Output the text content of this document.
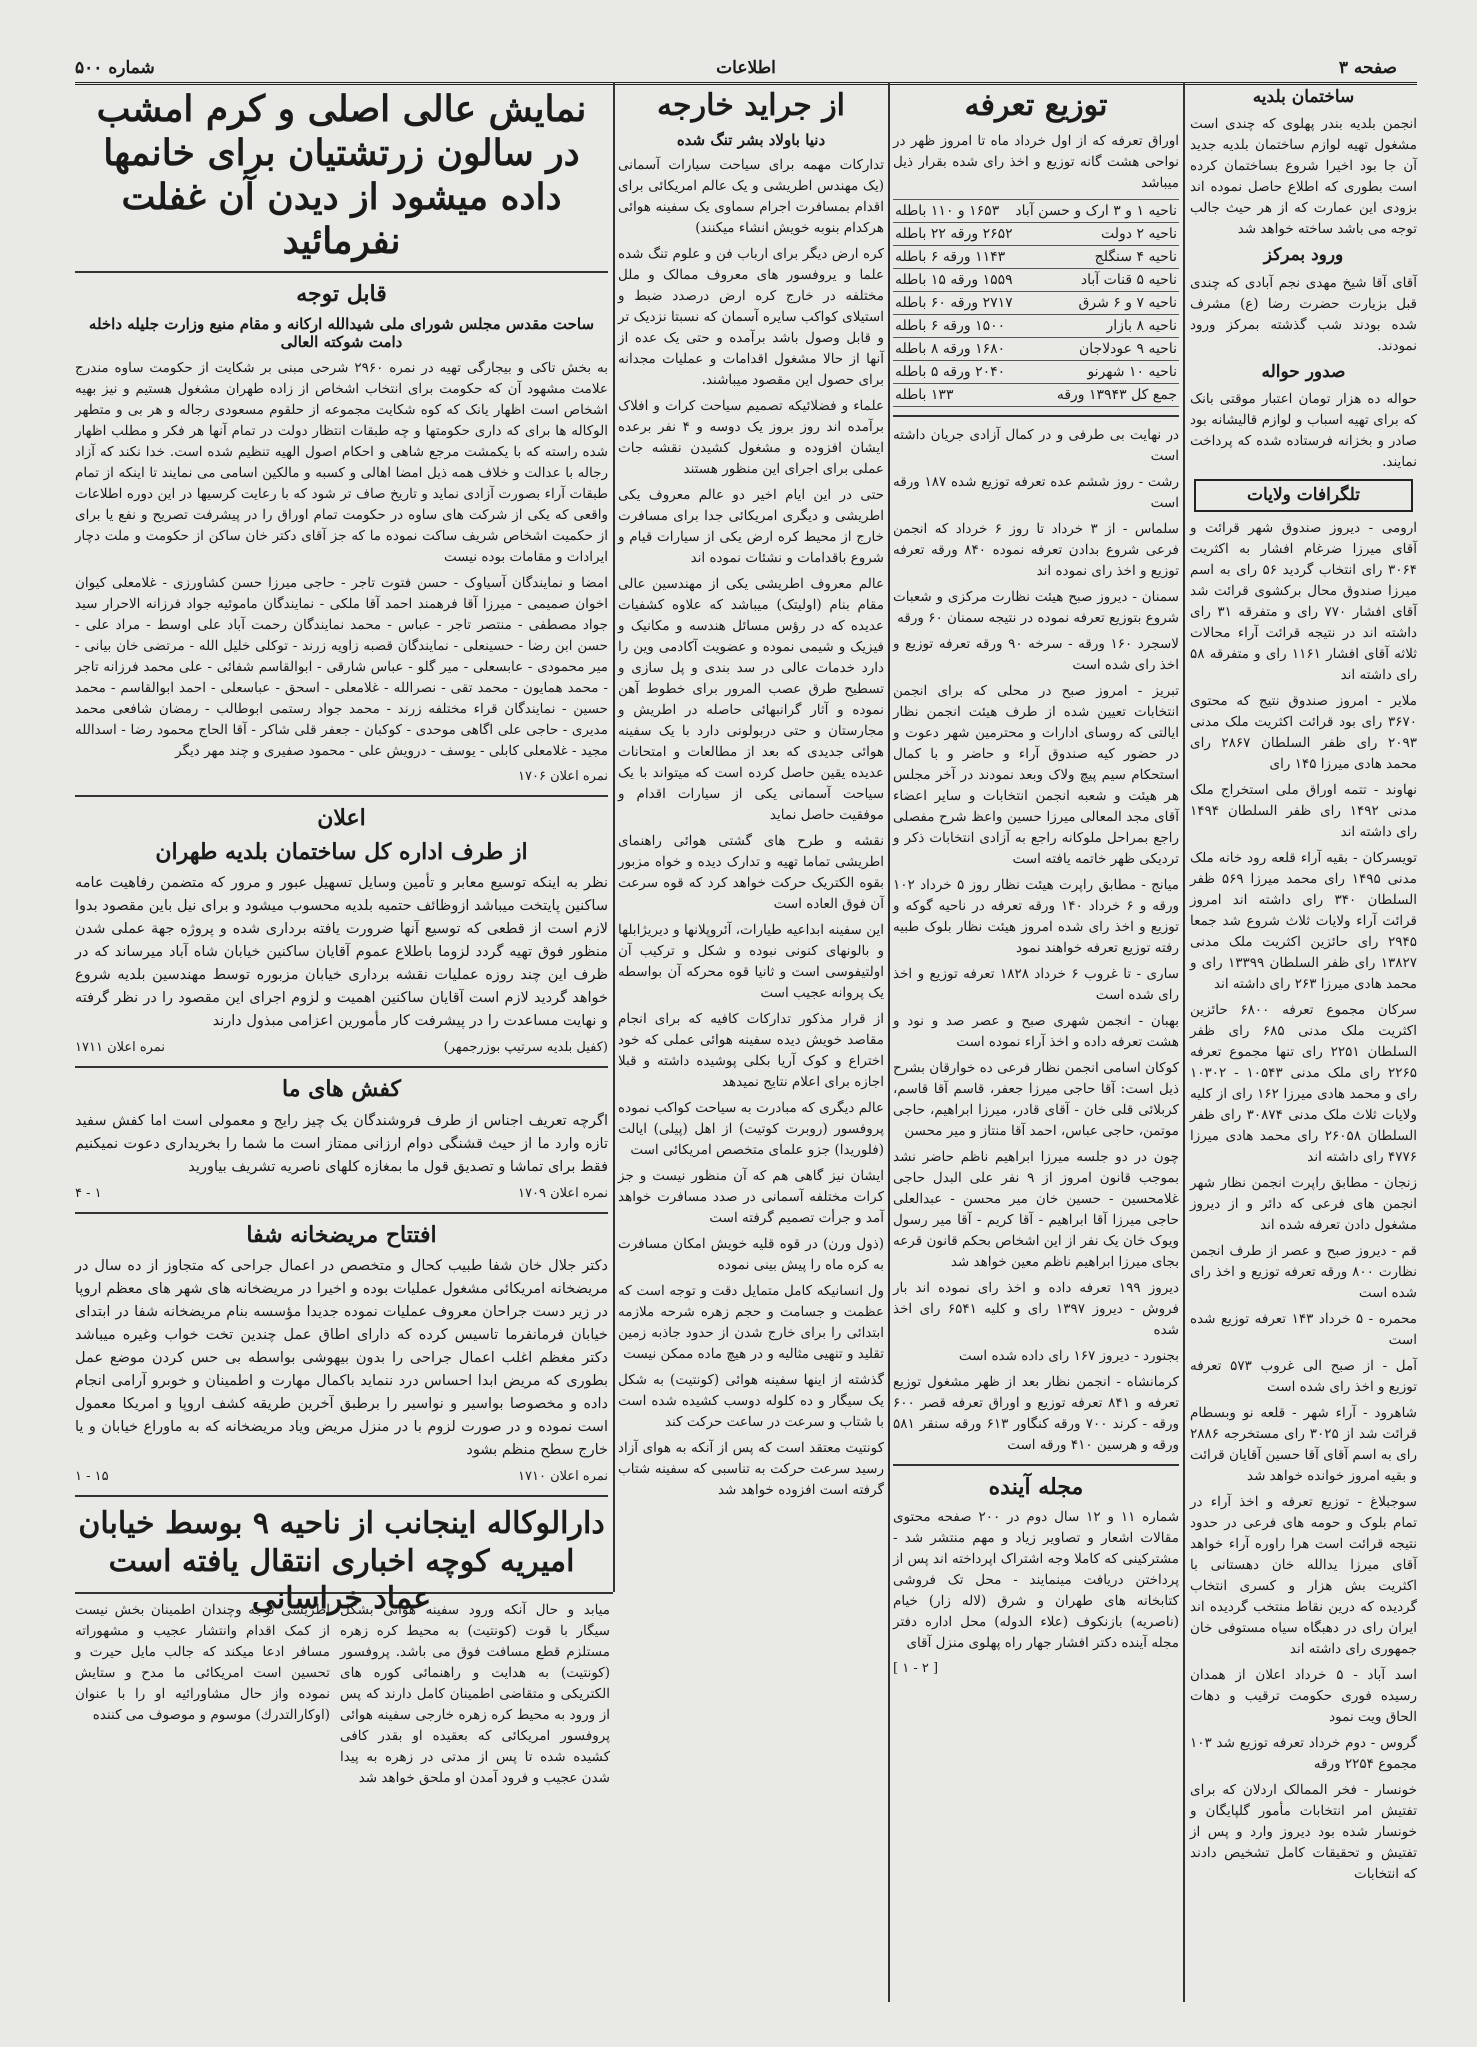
صفحه ۳
اطلاعات
شماره ۵۰۰
ساختمان بلدیه

انجمن بلدیه بندر پهلوی که چندی است مشغول تهیه لوازم ساختمان بلدیه جدید آن جا بود اخیرا شروع بساختمان کرده است بطوری که اطلاع حاصل نموده اند بزودی این عمارت که از هر حیث جالب توجه می باشد ساخته خواهد شد

ورود بمرکز

آقای آقا شیخ مهدی نجم آبادی که چندی قبل بزیارت حضرت رضا (ع) مشرف شده بودند شب گذشته بمرکز ورود نمودند.

صدور حواله

حواله ده هزار تومان اعتبار موقتی بانک که برای تهیه اسباب و لوازم قالیشانه بود صادر و بخزانه فرستاده شده که پرداخت نمایند.

تلگرافات ولایات

ارومی - دیروز صندوق شهر قرائت و آقای میرزا ضرغام افشار به اکثریت ۳۰۶۴ رای انتخاب گردید ۵۶ رای به اسم میرزا صندوق محال برکشوی قرائت شد آقای افشار ۷۷۰ رای و متفرقه ۳۱ رای داشته اند در نتیجه قرائت آراء محالات ثلاثه آقای افشار ۱۱۶۱ رای و متفرقه ۵۸ رای داشته اند

ملایر - امروز صندوق نتیج که محتوی ۳۶۷۰ رای بود قرائت اکثریت ملک مدنی ۲۰۹۳ رای ظفر السلطان ۲۸۶۷ رای محمد هادی میرزا ۱۴۵ رای

نهاوند - تتمه اوراق ملی استخراج ملک مدنی ۱۴۹۲ رای ظفر السلطان ۱۴۹۴ رای داشته اند

تویسرکان - بقیه آراء قلعه رود خانه ملک مدنی ۱۴۹۵ رای محمد میرزا ۵۶۹ ظفر السلطان ۳۴۰ رای داشته اند امروز قرائت آراء ولایات ثلاث شروع شد جمعا ۲۹۴۵ رای حائزین اکثریت ملک مدنی ۱۳۸۲۷ رای ظفر السلطان ۱۳۳۹۹ رای و محمد هادی میرزا ۲۶۳ رای داشته اند

سرکان مجموع تعرفه ۶۸۰۰ حائزین اکثریت ملک مدنی ۶۸۵ رای ظفر السلطان ۲۲۵۱ رای تنها مجموع تعرفه ۲۲۶۵ رای ملک مدنی ۱۰۵۴۳ - ۱۰۳۰۲ رای و محمد هادی میرزا ۱۶۲ رای از کلیه ولایات ثلاث ملک مدنی ۳۰۸۷۴ رای ظفر السلطان ۲۶۰۵۸ رای محمد هادی میرزا ۴۷۷۶ رای داشته اند

زنجان - مطابق راپرت انجمن نظار شهر انجمن های فرعی که دائر و از دیروز مشغول دادن تعرفه شده اند

قم - دیروز صبح و عصر از طرف انجمن نظارت ۸۰۰ ورقه تعرفه توزیع و اخذ رای شده است

محمره - ۵ خرداد ۱۴۳ تعرفه توزیع شده است

آمل - از صبح الی غروب ۵۷۳ تعرفه توزیع و اخذ رای شده است

شاهرود - آراء شهر - قلعه نو وبسطام قرائت شد از ۳۰۲۵ رای مستخرجه ۲۸۸۶ رای به اسم آقای آقا حسین آقایان قرائت و بقیه امروز خوانده خواهد شد

سوجبلاغ - توزیع تعرفه و اخذ آراء در تمام بلوک و حومه های فرعی در حدود نتیجه قرائت است هرا راوره آراء خواهد آقای میرزا یدالله خان دهستانی با اکثریت بش هزار و کسری انتخاب گردیده که درین نقاط منتخب گردیده اند ایران رای در دهبگاه سیاه مستوفی خان جمهوری رای داشته اند

اسد آباد - ۵ خرداد اعلان از همدان رسیده فوری حکومت ترقیب و دهات الحاق ویت نمود

گروس - دوم خرداد تعرفه توزیع شد ۱۰۳ مجموع ۲۲۵۴ ورقه

خونسار - فخر الممالک اردلان که برای تفتیش امر انتخابات مأمور گلپایگان و خونسار شده بود دیروز وارد و پس از تفتیش و تحقیقات کامل تشخیص دادند که انتخابات

توزیع تعرفه

اوراق تعرفه که از اول خرداد ماه تا امروز ظهر در نواحی هشت گانه توزیع و اخذ رای شده بقرار ذیل میباشد

ناحیه ۱ و ۳ ارک و حسن آباد
۱۶۵۳ و ۱۱۰ باطله
ناحیه ۲ دولت
۲۶۵۲ ورقه ۲۲ باطله
ناحیه ۴ سنگلج
۱۱۴۳ ورقه ۶ باطله
ناحیه ۵ قنات آباد
۱۵۵۹ ورقه ۱۵ باطله
ناحیه ۷ و ۶ شرق
۲۷۱۷ ورقه ۶۰ باطله
ناحیه ۸ بازار
۱۵۰۰ ورقه ۶ باطله
ناحیه ۹ عودلاجان
۱۶۸۰ ورقه ۸ باطله
ناحیه ۱۰ شهرنو
۲۰۴۰ ورقه ۵ باطله
جمع کل ۱۳۹۴۳ ورقه
۱۳۳ باطله

در نهایت بی طرفی و در کمال آزادی جریان داشته است

رشت - روز ششم عده تعرفه توزیع شده ۱۸۷ ورقه است

سلماس - از ۳ خرداد تا روز ۶ خرداد که انجمن فرعی شروع بدادن تعرفه نموده ۸۴۰ ورقه تعرفه توزیع و اخذ رای نموده اند

سمنان - دیروز صبح هیئت نظارت مرکزی و شعبات شروع بتوزیع تعرفه نموده در نتیجه سمنان ۶۰ ورقه

لاسجرد ۱۶۰ ورقه - سرخه ۹۰ ورقه تعرفه توزیع و اخذ رای شده است

تبریز - امروز صبح در محلی که برای انجمن انتخابات تعیین شده از طرف هیئت انجمن نظار ایالتی که روسای ادارات و محترمین شهر دعوت و در حضور کیه صندوق آراء و حاضر و با کمال استحکام سیم پیچ ولاک وبعد نمودند در آخر مجلس هر هیئت و شعبه انجمن انتخابات و سایر اعضاء آقای مجد المعالی میرزا حسین واعظ شرح مفصلی راجع بمراحل ملوکانه راجع به آزادی انتخابات ذکر و تردیکی ظهر خاتمه یافته است

میانج - مطابق راپرت هیئت نظار روز ۵ خرداد ۱۰۲ ورقه و ۶ خرداد ۱۴۰ ورقه تعرفه در ناحیه گوکه و توزیع و اخذ رای شده امروز هیئت نظار بلوک طبیه رفته توزیع تعرفه خواهند نمود

ساری - تا غروب ۶ خرداد ۱۸۲۸ تعرفه توزیع و اخذ رای شده است

بهبان - انجمن شهری صبح و عصر صد و نود و هشت تعرفه داده و اخذ آراء نموده است

کوکان اسامی انجمن نظار فرعی ده خوارقان بشرح ذیل است: آقا حاجی میرزا جعفر، قاسم آقا قاسم، کربلائی قلی خان - آقای قادر، میرزا ابراهیم، حاجی موتمن، حاجی عباس، احمد آقا منتاز و میر محسن

چون در دو جلسه میرزا ابراهیم ناظم حاضر نشد بموجب قانون امروز از ۹ نفر علی البدل حاجی غلامحسین - حسین خان میر محسن - عبدالعلی حاجی میرزا آقا ابراهیم - آقا کریم - آقا میر رسول ویوک خان یک نفر از این اشخاص بحکم قانون قرعه بجای میرزا ابراهیم ناظم معین خواهد شد

دیروز ۱۹۹ تعرفه داده و اخذ رای نموده اند بار فروش - دیروز ۱۳۹۷ رای و کلیه ۶۵۴۱ رای اخذ شده

بجنورد - دیروز ۱۶۷ رای داده شده است

کرمانشاه - انجمن نظار بعد از ظهر مشغول توزیع تعرفه و ۸۴۱ تعرفه توزیع و اوراق تعرفه قصر ۶۰۰ ورقه - کرند ۷۰۰ ورقه کنگاور ۶۱۳ ورقه سنقر ۵۸۱ ورقه و هرسین ۴۱۰ ورقه است

مجله آینده

شماره ۱۱ و ۱۲ سال دوم در ۲۰۰ صفحه محتوی مقالات اشعار و تصاویر زیاد و مهم منتشر شد - مشترکینی که کاملا وجه اشتراک اپرداخته اند پس از پرداختن دریافت مینمایند - محل تک فروشی کتابخانه های طهران و شرق (لاله زار) خیام (ناصریه) بازنکوف (علاء الدوله) محل اداره دفتر مجله آینده دکتر افشار جهار راه پهلوی منزل آقای

[ ۱ - ۲ ]
از جراید خارجه
دنیا باولاد بشر تنگ شده

تدارکات مهمه برای سیاحت سیارات آسمانی (یک مهندس اطریشی و یک عالم امریکائی برای اقدام بمسافرت اجرام سماوی یک سفینه هوائی هرکدام بنوبه خویش انشاء میکنند)

کره ارض دیگر برای ارباب فن و علوم تنگ شده علما و یروفسور های معروف ممالک و ملل مختلفه در خارج کره ارض درصدد ضبط و استیلای کواکب سایره آسمان که نسبتا نزدیک تر و قابل وصول باشد برآمده و حتی یک عده از آنها از حالا مشغول اقدامات و عملیات مجدانه برای حصول این مقصود میباشند.

علماء و فضلائیکه تصمیم سیاحت کرات و افلاک برآمده اند روز بروز یک دوسه و ۴ نفر برعده ایشان افزوده و مشغول کشیدن نقشه جات عملی برای اجرای این منظور هستند

حتی در این ایام اخیر دو عالم معروف یکی اطریشی و دیگری امریکائی جدا برای مسافرت خارج از محیط کره ارض یکی از سیارات قیام و شروع باقدامات و نشئات نموده اند

عالم معروف اطریشی یکی از مهندسین عالی مقام بنام (اولیتک) میباشد که علاوه کشفیات عدیده که در رؤس مسائل هندسه و مکانیک و فیزیک و شیمی نموده و عضویت آکادمی وین را دارد خدمات عالی در سد بندی و پل سازی و تسطیح طرق عصب المرور برای خطوط آهن نموده و آثار گرانبهائی حاصله در اطریش و مجارستان و حتی دربولونی دارد با یک سفینه هوائی جدیدی که بعد از مطالعات و امتحانات عدیده یقین حاصل کرده است که میتواند با یک سیاحت آسمانی یکی از سیارات اقدام و موفقیت حاصل نماید

نقشه و طرح های گشتی هوائی راهنمای اطریشی تماما تهیه و تدارک دیده و خواه مزبور بقوه الکتریک حرکت خواهد کرد که قوه سرعت آن فوق العاده است

این سفینه ابداعیه طیارات، آئروپلانها و دیریژابلها و بالونهای کنونی نبوده و شکل و ترکیب آن اولتیفوسی است و ثانیا قوه محرکه آن بواسطه یک پروانه عجیب است

از قرار مذکور تدارکات کافیه که برای انجام مقاصد خویش دیده سفینه هوائی عملی که خود اختراع و کوک آریا بکلی پوشیده داشته و قبلا اجازه برای اعلام نتایج نمیدهد

عالم دیگری که مبادرت به سیاحت کواکب نموده پروفسور (روبرت کوتیت) از اهل (پیلی) ایالت (فلوریدا) جزو علمای متخصص امریکائی است

ایشان نیز گاهی هم که آن منظور نیست و جز کرات مختلفه آسمانی در صدد مسافرت خواهد آمد و جرأت تصمیم گرفته است

(ذول ورن) در قوه قلیه خویش امکان مسافرت به کره ماه را پیش بینی نموده

ول انسانیکه کامل متمایل دقت و توجه است که عظمت و جسامت و حجم زهره شرحه ملازمه ابتدائی را برای خارج شدن از حدود جاذبه زمین تقلید و تنهیی مثالیه و در هیچ ماده ممکن نیست

گذشته از اینها سفینه هوائی (کونتیت) به شکل یک سیگار و ده کلوله دوسب کشیده شده است با شتاب و سرعت در ساعت حرکت کند

کونتیت معتقد است که پس از آنکه به هوای آزاد رسید سرعت حرکت به تناسبی که سفینه شتاب گرفته است افزوده خواهد شد

نمایش عالی اصلی و کرم امشب در سالون زرتشتیان برای خانمها داده میشود از دیدن آن غفلت نفرمائید
قابل توجه
ساحت مقدس مجلس شورای ملی شیدالله ارکانه و مقام منیع وزارت جلیله داخله دامت شوکته العالی

به بخش تاکی و بیجارگی تهیه در نمره ۲۹۶۰ شرحی مبنی بر شکایت از حکومت ساوه مندرج علامت مشهود آن که حکومت برای انتخاب اشخاص از زاده طهران مشغول هستیم و نیز بهیه اشخاص است اظهار یانک که کوه شکایت مجموعه از حلقوم مسعودی رجاله و هر بی و متطهر الوکاله ها برای که داری حکومتها و چه طبقات انتظار دولت در تمام آنها هر فکر و مطلب اظهار شده راسته که با یکمشت مرجع شاهی و احکام اصول الهیه تنظیم شده است. خدا نکند که آزاد رجاله با عدالت و خلاف همه ذیل امضا اهالی و کسبه و مالکین اسامی می نمایند تا اینکه از تمام طبقات آراء بصورت آزادی نماید و تاریخ صاف تر شود که با رعایت کرسیها در این دوره اطلاعات واقعی که یکی از شرکت های ساوه در حکومت تمام اوراق را در پیشرفت تصریح و نفع یا برای از حکمیت اشخاص شریف ساکت نموده ما که جز آقای دکتر خان ساکن از حکومت و ملت دچار ایرادات و مقامات بوده نیست

امضا و نمایندگان آسیاوک - حسن فتوت تاجر - حاجی میرزا حسن کشاورزی - غلامعلی کیوان اخوان صمیمی - میرزا آقا فرهمند احمد آقا ملکی - نمایندگان ماموئیه جواد فرزانه الاحرار سید جواد مصطفی - منتصر تاجر - عباس - محمد نمایندگان رحمت آباد علی اوسط - مراد علی - حسن ابن رضا - حسینعلی - نمایندگان قصبه زاویه زرند - توکلی خلیل الله - مرتضی خان بیانی - میر محمودی - عابسعلی - میر گلو - عباس شارقی - ابوالقاسم شفائی - علی محمد فرزانه تاجر - محمد همایون - محمد تقی - نصرالله - غلامعلی - اسحق - عباسعلی - احمد ابوالقاسم - محمد حسین - نمایندگان قراء مختلفه زرند - محمد جواد رستمی ابوطالب - رمضان شافعی محمد مدیری - حاجی علی اگاهی موحدی - کوکبان - جعفر قلی شاکر - آقا الحاج محمود رضا - اسدالله مجید - غلامعلی کابلی - یوسف - درویش علی - محمود صفیری و چند مهر دیگر

نمره اعلان ۱۷۰۶
اعلان
از طرف اداره کل ساختمان بلدیه طهران

نظر به اینکه توسیع معابر و تأمین وسایل تسهیل عبور و مرور که متضمن رفاهیت عامه ساکنین پایتخت میباشد ازوظائف حتمیه بلدیه محسوب میشود و برای نیل باین مقصود بدوا لازم است از قطعی که توسیع آنها ضرورت یافته برداری شده و پروژه جهة عملی شدن منظور فوق تهیه گردد لزوما باطلاع عموم آقایان ساکنین خیابان شاه آباد میرساند که در ظرف این چند روزه عملیات نقشه برداری خیابان مزبوره توسط مهندسین بلدیه شروع خواهد گردید لازم است آقایان ساکنین اهمیت و لزوم اجرای این مقصود را در نظر گرفته و نهایت مساعدت را در پیشرفت کار مأمورین اعزامی مبذول دارند

(کفیل بلدیه سرتیپ بوزرجمهر)
نمره اعلان ۱۷۱۱
کفش های ما

اگرچه تعریف اجناس از طرف فروشندگان یک چیز رایج و معمولی است اما کفش سفید تازه وارد ما از حیث قشنگی دوام ارزانی ممتاز است ما شما را بخریداری دعوت نمیکنیم فقط برای تماشا و تصدیق قول ما بمغازه کلهای ناصریه تشریف بیاورید

نمره اعلان ۱۷۰۹
۱ - ۴
افتتاح مریضخانه شفا

دکتر جلال خان شفا طبیب کحال و متخصص در اعمال جراحی که متجاوز از ده سال در مریضخانه امریکائی مشغول عملیات بوده و اخیرا در مریضخانه های شهر های معظم اروپا در زیر دست جراحان معروف عملیات نموده جدیدا مؤسسه بنام مریضخانه شفا در ابتدای خیابان فرمانفرما تاسیس کرده که دارای اطاق عمل چندین تخت خواب وغیره میباشد دکتر مغظم اغلب اعمال جراحی را بدون بیهوشی بواسطه بی حس کردن موضع عمل بطوری که مریض ابدا احساس درد ننماید باکمال مهارت و اطمینان و خوبرو آرامی انجام داده و مخصوصا بواسیر و نواسیر را برطبق آخرین طریقه کشف اروپا و امریکا معمول است نموده و در صورت لزوم با در منزل مریض ویاد مریضخانه که به ماوراع خیابان و یا خارج سطح منظم بشود

نمره اعلان ۱۷۱۰
۱۵ - ۱
دارالوکاله اینجانب از ناحیه ۹ بوسط خیابان امیریه کوچه اخباری انتقال یافته است عماد خراسانی

میابد و حال آنکه ورود سفینه هوائی بشکل سیگار با قوت (کونتیت) به محیط کره زهره مستلزم قطع مسافت فوق می باشد. پروفسور (کونتیت) به هدایت و راهنمائی کوره های الکتریکی و متقاضی اطمینان کامل دارند که پس از ورود به محیط کره زهره خارجی سفینه هوائی پروفسور امریکائی که بعقیده او بقدر کافی کشیده شده تا پس از مدتی در زهره به پیدا شدن عجیب و فرود آمدن او ملحق خواهد شد

اطریشی توجه وچندان اطمینان بخش نیست از کمک اقدام وانتشار عجیب و مشهوراته مسافر ادعا میکند که جالب مایل حیرت و تحسین است امریکائی ما مدح و ستایش نموده واز حال مشاورائیه او را با عنوان (اوکارالتدرك) موسوم و موصوف می کننده
